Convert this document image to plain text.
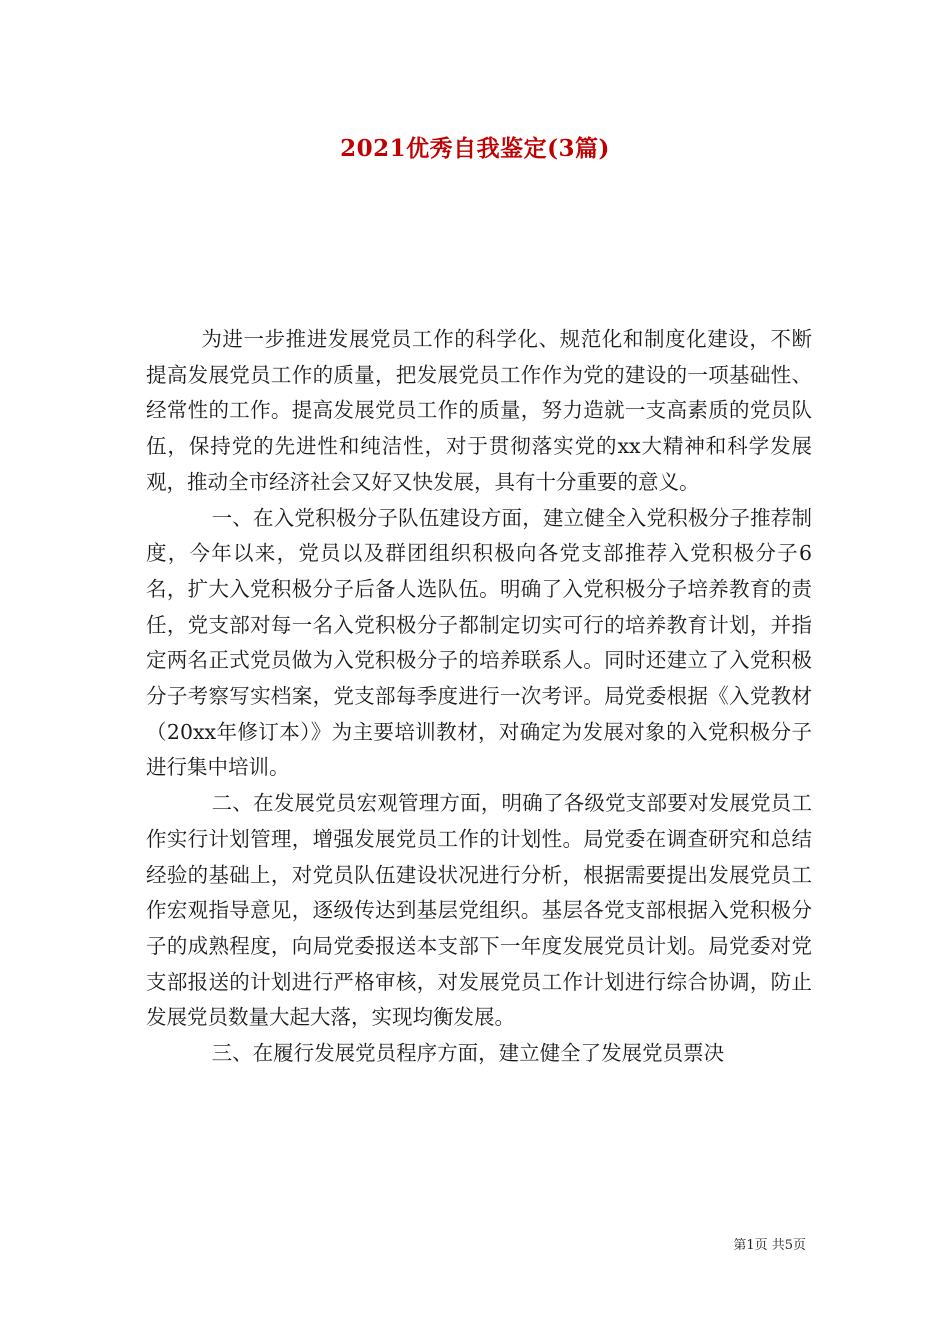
2021优秀自我鉴定(3篇)

为进一步推进发展党员工作的科学化、规范化和制度化建设，不断提高发展党员工作的质量，把发展党员工作作为党的建设的一项基础性、经常性的工作。提高发展党员工作的质量，努力造就一支高素质的党员队伍，保持党的先进性和纯洁性，对于贯彻落实党的xx大精神和科学发展观，推动全市经济社会又好又快发展，具有十分重要的意义。

一、在入党积极分子队伍建设方面，建立健全入党积极分子推荐制度，今年以来，党员以及群团组织积极向各党支部推荐入党积极分子6名，扩大入党积极分子后备人选队伍。明确了入党积极分子培养教育的责任，党支部对每一名入党积极分子都制定切实可行的培养教育计划，并指定两名正式党员做为入党积极分子的培养联系人。同时还建立了入党积极分子考察写实档案，党支部每季度进行一次考评。局党委根据《入党教材（20xx年修订本）》为主要培训教材，对确定为发展对象的入党积极分子进行集中培训。

二、在发展党员宏观管理方面，明确了各级党支部要对发展党员工作实行计划管理，增强发展党员工作的计划性。局党委在调查研究和总结经验的基础上，对党员队伍建设状况进行分析，根据需要提出发展党员工作宏观指导意见，逐级传达到基层党组织。基层各党支部根据入党积极分子的成熟程度，向局党委报送本支部下一年度发展党员计划。局党委对党支部报送的计划进行严格审核，对发展党员工作计划进行综合协调，防止发展党员数量大起大落，实现均衡发展。

三、在履行发展党员程序方面，建立健全了发展党员票决

第1页 共5页
